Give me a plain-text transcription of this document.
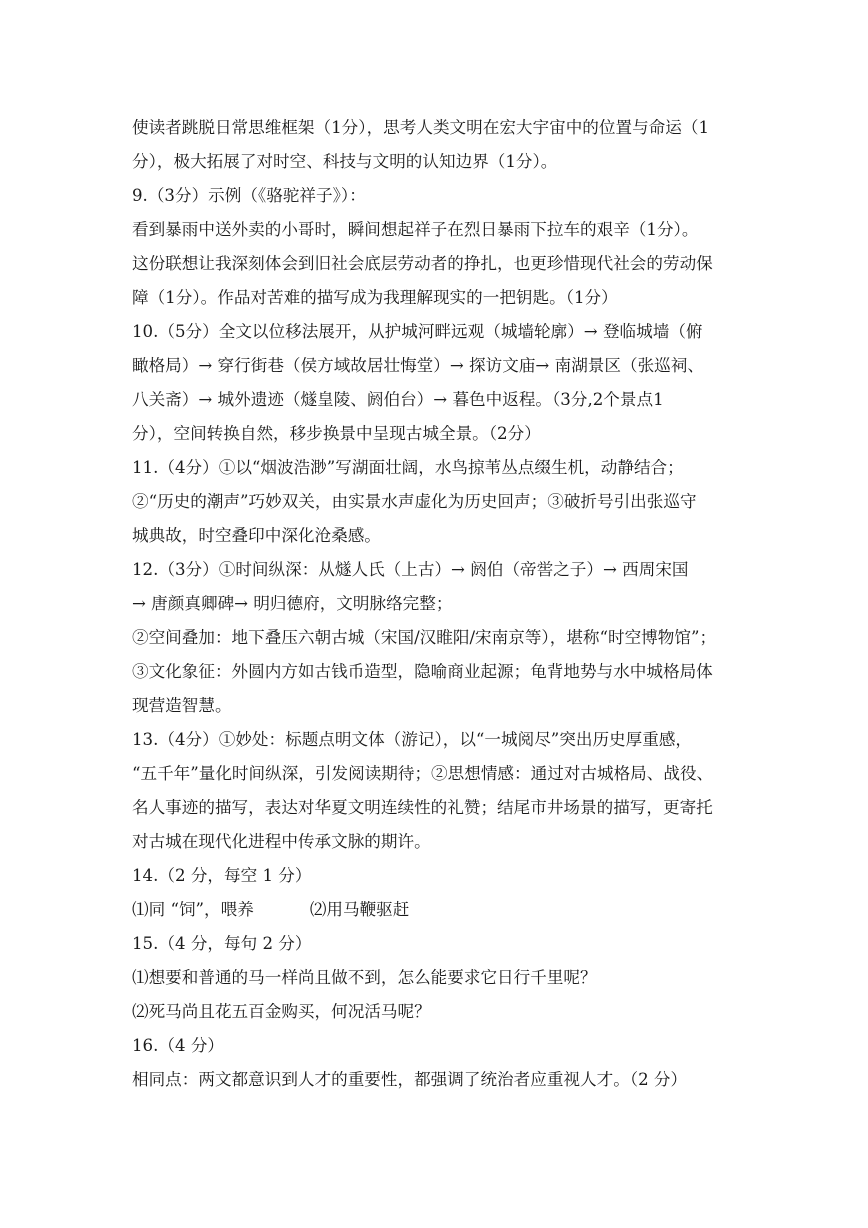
使读者跳脱日常思维框架（1分），思考人类文明在宏大宇宙中的位置与命运（1
分），极大拓展了对时空、科技与文明的认知边界（1分）。
9.（3分）示例（《骆驼祥子》）：
看到暴雨中送外卖的小哥时，瞬间想起祥子在烈日暴雨下拉车的艰辛（1分）。
这份联想让我深刻体会到旧社会底层劳动者的挣扎，也更珍惜现代社会的劳动保
障（1分）。作品对苦难的描写成为我理解现实的一把钥匙。（1分）
10.（5分）全文以位移法展开，从护城河畔远观（城墙轮廓）→ 登临城墙（俯
瞰格局）→ 穿行街巷（侯方域故居壮悔堂）→ 探访文庙→ 南湖景区（张巡祠、
八关斋）→ 城外遗迹（燧皇陵、阏伯台）→ 暮色中返程。（3分,2个景点1
分），空间转换自然，移步换景中呈现古城全景。（2分）
11.（4分）①以“烟波浩渺”写湖面壮阔，水鸟掠苇丛点缀生机，动静结合；
②“历史的潮声”巧妙双关，由实景水声虚化为历史回声；③破折号引出张巡守
城典故，时空叠印中深化沧桑感。
12.（3分）①时间纵深：从燧人氏（上古）→ 阏伯（帝喾之子）→ 西周宋国
→ 唐颜真卿碑→ 明归德府，文明脉络完整；
②空间叠加：地下叠压六朝古城（宋国/汉睢阳/宋南京等），堪称“时空博物馆”；
③文化象征：外圆内方如古钱币造型，隐喻商业起源；龟背地势与水中城格局体
现营造智慧。
13.（4分）①妙处：标题点明文体（游记），以“一城阅尽”突出历史厚重感，
“五千年”量化时间纵深，引发阅读期待；②思想情感：通过对古城格局、战役、
名人事迹的描写，表达对华夏文明连续性的礼赞；结尾市井场景的描写，更寄托
对古城在现代化进程中传承文脉的期许。
14.（2 分，每空 1 分）
⑴同 “饲”，喂养	⑵用马鞭驱赶
15.（4 分，每句 2 分）
⑴想要和普通的马一样尚且做不到，怎么能要求它日行千里呢？
⑵死马尚且花五百金购买，何况活马呢？
16.（4 分）
相同点：两文都意识到人才的重要性，都强调了统治者应重视人才。（2 分）
